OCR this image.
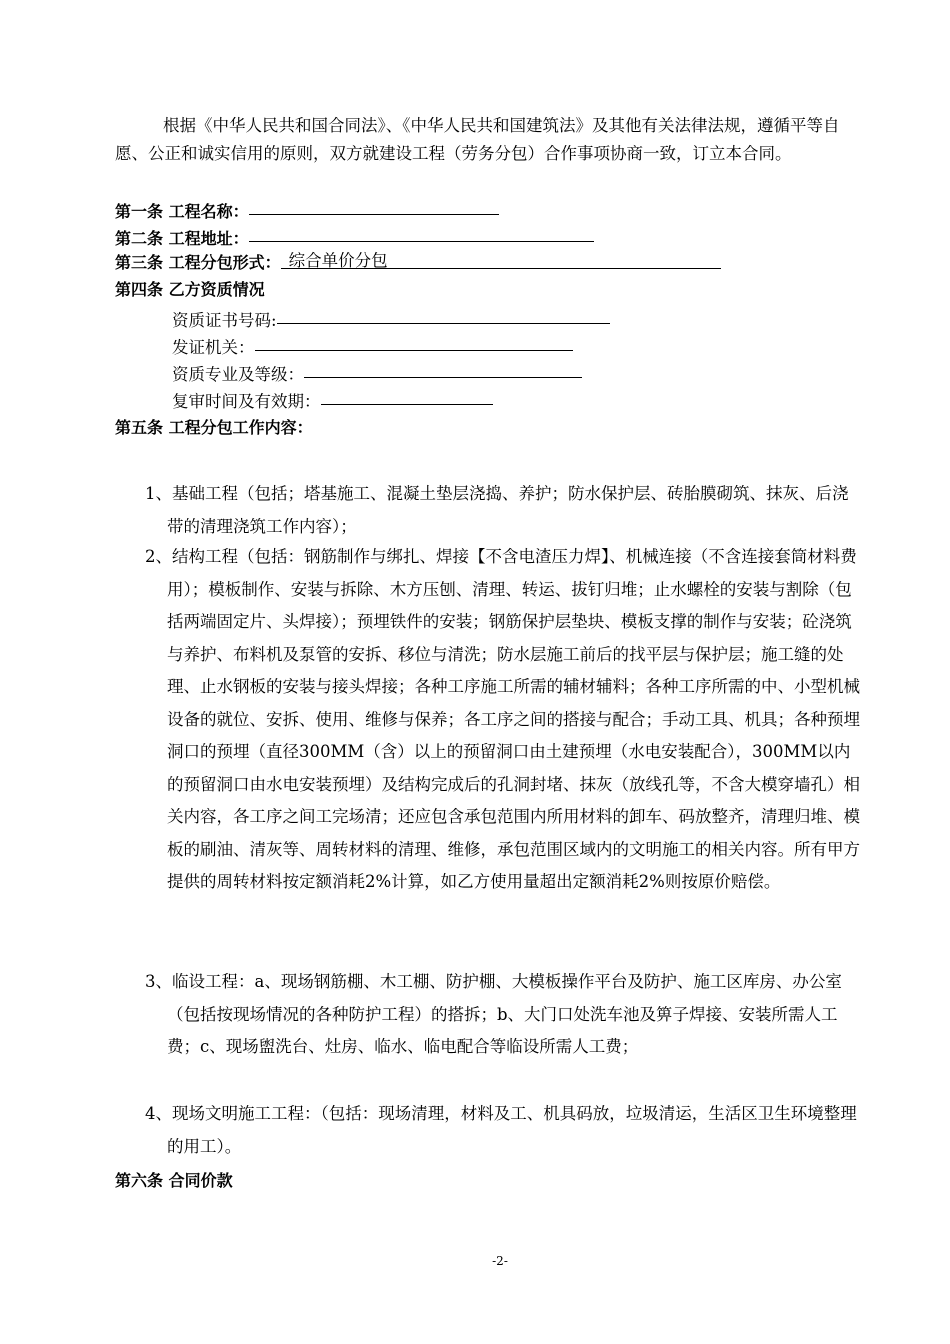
根据《中华人民共和国合同法》、《中华人民共和国建筑法》及其他有关法律法规，遵循平等自愿、公正和诚实信用的原则，双方就建设工程（劳务分包）合作事项协商一致，订立本合同。
第一条 工程名称：
第二条 工程地址：
第三条 工程分包形式： 综合单价分包
第四条 乙方资质情况
资质证书号码:
发证机关：
资质专业及等级：
复审时间及有效期：
第五条 工程分包工作内容：

1、基础工程（包括；塔基施工、混凝土垫层浇捣、养护；防水保护层、砖胎膜砌筑、抹灰、后浇带的清理浇筑工作内容）；

2、结构工程（包括：钢筋制作与绑扎、焊接【不含电渣压力焊】、机械连接（不含连接套筒材料费用）；模板制作、安装与拆除、木方压刨、清理、转运、拔钉归堆；止水螺栓的安装与割除（包括两端固定片、头焊接）；预埋铁件的安装；钢筋保护层垫块、模板支撑的制作与安装；砼浇筑与养护、布料机及泵管的安拆、移位与清洗；防水层施工前后的找平层与保护层；施工缝的处理、止水钢板的安装与接头焊接；各种工序施工所需的辅材辅料；各种工序所需的中、小型机械设备的就位、安拆、使用、维修与保养；各工序之间的搭接与配合；手动工具、机具；各种预埋洞口的预埋（直径300MM（含）以上的预留洞口由土建预埋（水电安装配合），300MM以内的预留洞口由水电安装预埋）及结构完成后的孔洞封堵、抹灰（放线孔等，不含大模穿墙孔）相关内容，各工序之间工完场清；还应包含承包范围内所用材料的卸车、码放整齐，清理归堆、模板的刷油、清灰等、周转材料的清理、维修，承包范围区域内的文明施工的相关内容。所有甲方提供的周转材料按定额消耗2%计算，如乙方使用量超出定额消耗2%则按原价赔偿。

3、临设工程：a、现场钢筋棚、木工棚、防护棚、大模板操作平台及防护、施工区库房、办公室（包括按现场情况的各种防护工程）的搭拆；b、大门口处洗车池及箅子焊接、安装所需人工费；c、现场盥洗台、灶房、临水、临电配合等临设所需人工费；

4、现场文明施工工程：（包括：现场清理，材料及工、机具码放，垃圾清运，生活区卫生环境整理的用工）。

第六条 合同价款
-2-
